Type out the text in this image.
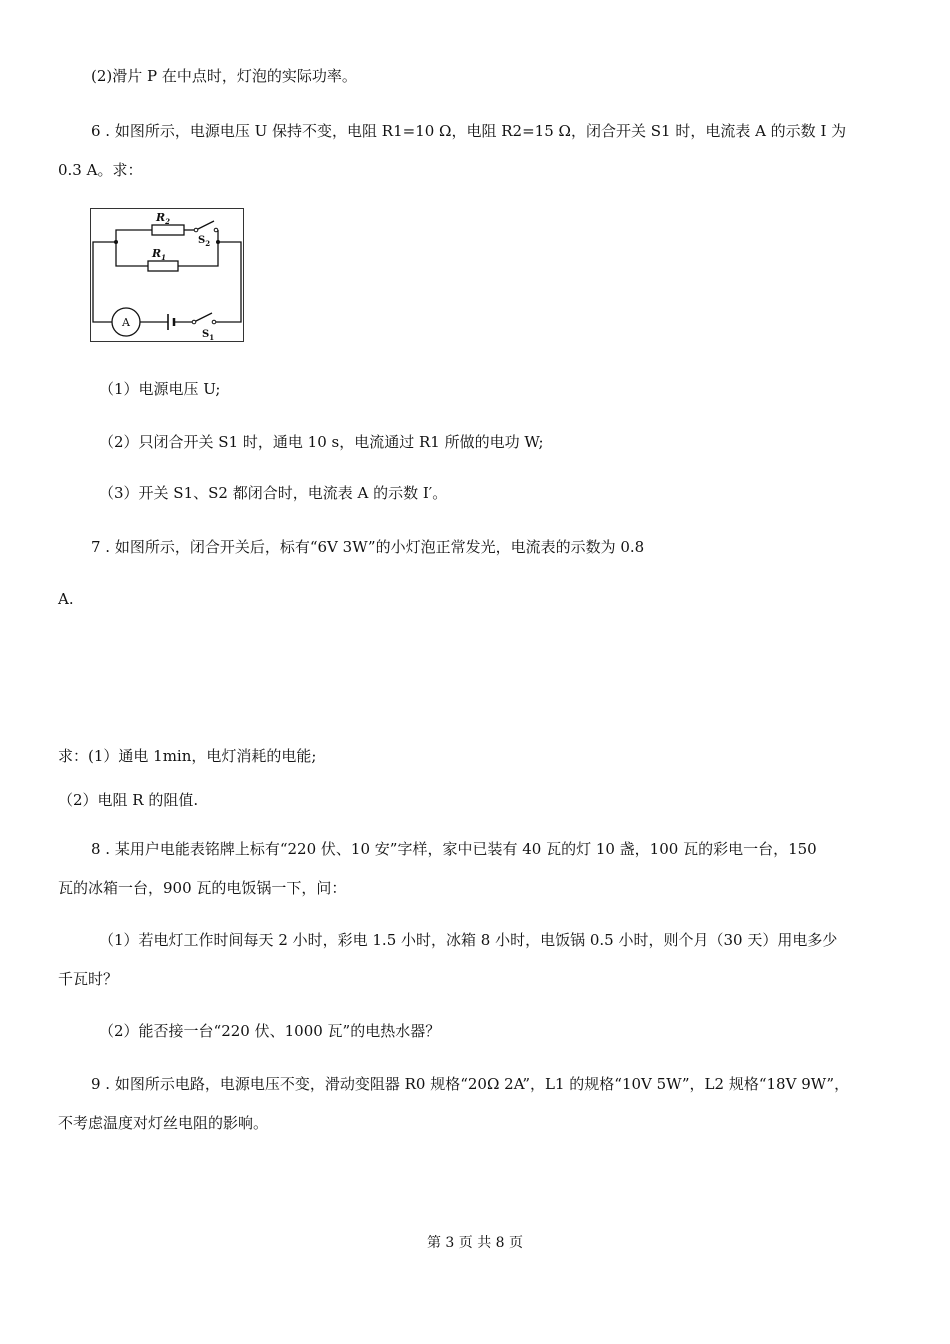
(2)滑片 P 在中点时，灯泡的实际功率。
6 . 如图所示，电源电压 U 保持不变，电阻 R1=10 Ω，电阻 R2=15 Ω，闭合开关 S1 时，电流表 A 的示数 I 为
0.3 A。求：
$R_2$
$R_1$
$S_2$
$S_1$
A
（1）电源电压 U;
（2）只闭合开关 S1 时，通电 10 s，电流通过 R1 所做的电功 W;
（3）开关 S1、S2 都闭合时，电流表 A 的示数 I′。
7 . 如图所示，闭合开关后，标有“6V 3W”的小灯泡正常发光，电流表的示数为 0.8
A.
求：(1）通电 1min，电灯消耗的电能;
（2）电阻 R 的阻值.
8 . 某用户电能表铭牌上标有“220 伏、10 安”字样，家中已装有 40 瓦的灯 10 盏，100 瓦的彩电一台，150
瓦的冰箱一台，900 瓦的电饭锅一下，问：
（1）若电灯工作时间每天 2 小时，彩电 1.5 小时，冰箱 8 小时，电饭锅 0.5 小时，则个月（30 天）用电多少
千瓦时？
（2）能否接一台“220 伏、1000 瓦”的电热水器？
9 . 如图所示电路，电源电压不变，滑动变阻器 R0 规格“20Ω 2A”，L1 的规格“10V 5W”，L2 规格“18V 9W”，
不考虑温度对灯丝电阻的影响。
第 3 页 共 8 页
